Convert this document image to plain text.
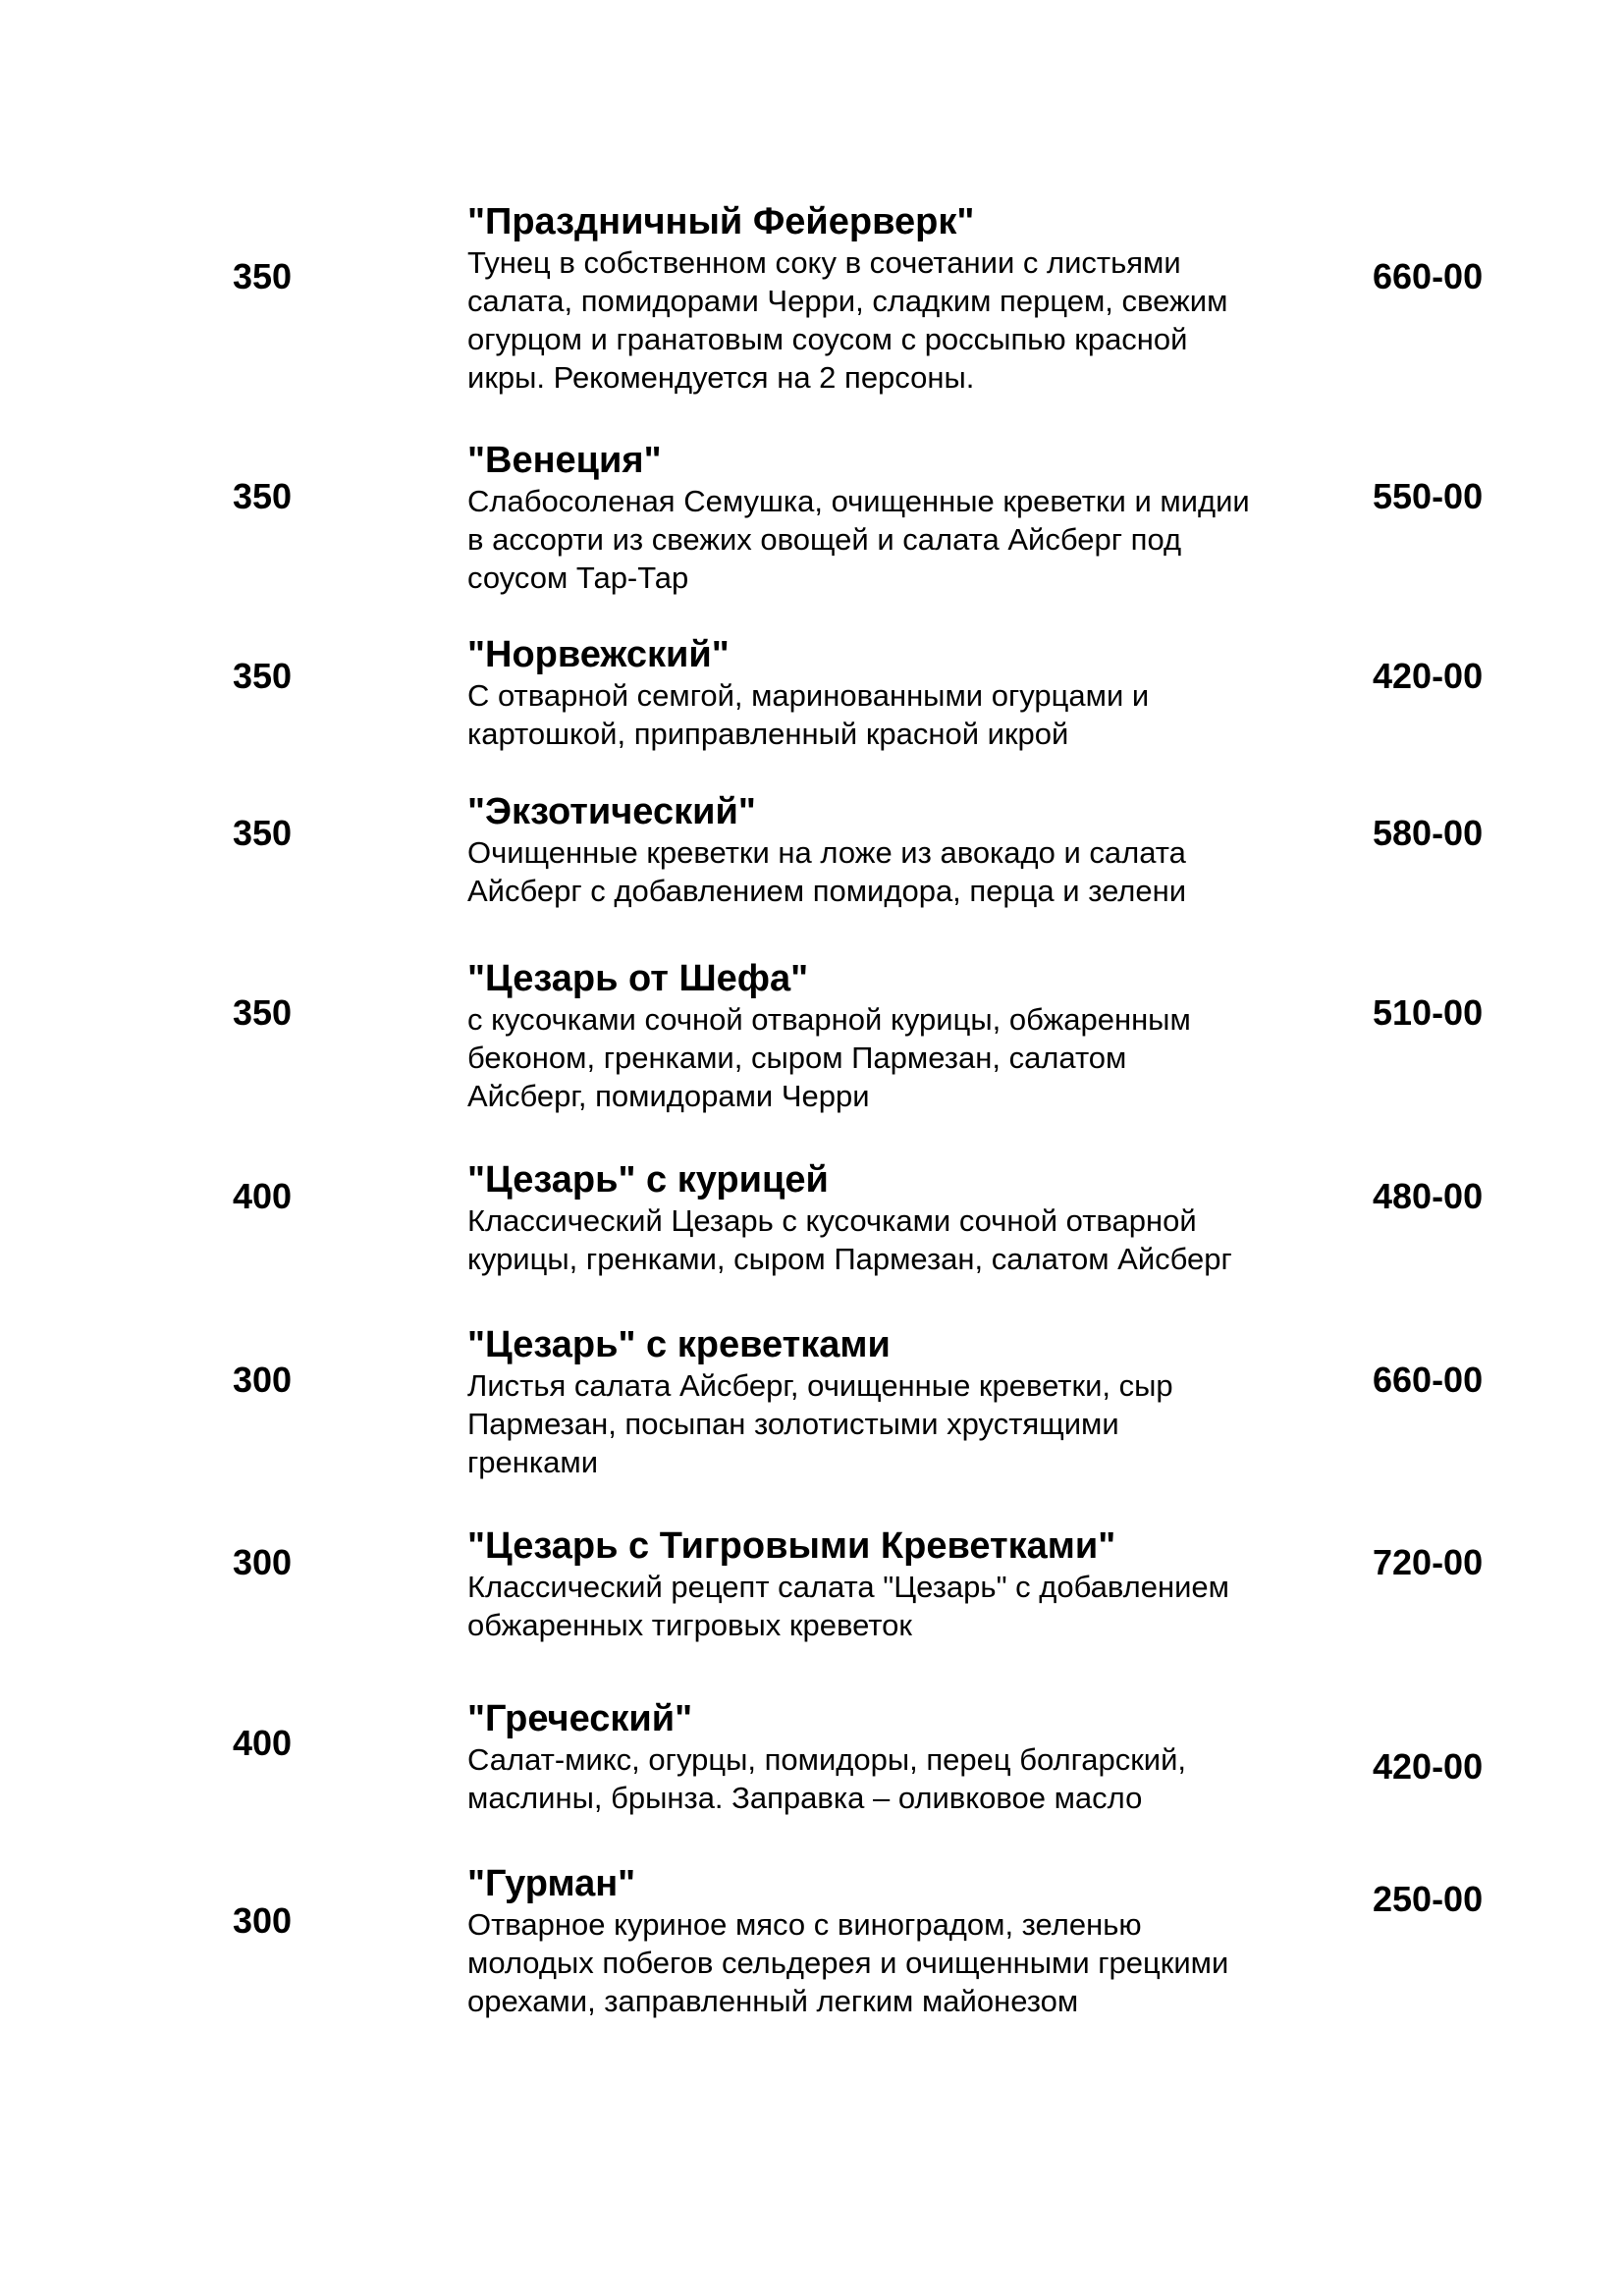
350
"Праздничный Фейерверк"
Тунец в собственном соку в сочетании с листьями
салата, помидорами Черри, сладким перцем, свежим
огурцом и гранатовым соусом с россыпью красной
икры. Рекомендуется на 2 персоны.
660-00
350
"Венеция"
Слабосоленая Семушка, очищенные креветки и мидии
в ассорти из свежих овощей и салата Айсберг под
соусом Тар-Тар
550-00
350
"Норвежский"
С отварной семгой, маринованными огурцами и
картошкой, приправленный красной икрой
420-00
350
"Экзотический"
Очищенные креветки на ложе из авокадо и салата
Айсберг с добавлением помидора, перца и зелени
580-00
350
"Цезарь от Шефа"
с кусочками сочной отварной курицы, обжаренным
беконом, гренками, сыром Пармезан, салатом
Айсберг, помидорами Черри
510-00
400	"Цезарь" с курицей
Классический Цезарь с кусочками сочной отварной
курицы, гренками, сыром Пармезан, салатом Айсберг
480-00
300
"Цезарь" с креветками
Листья салата Айсберг, очищенные креветки, сыр
Пармезан, посыпан золотистыми хрустящими
гренками
660-00
300	"Цезарь с Тигровыми Креветками"
Классический рецепт салата "Цезарь" с добавлением
обжаренных тигровых креветок
720-00
400
"Греческий"
Салат-микс, огурцы, помидоры, перец болгарский,
маслины, брынза. Заправка – оливковое масло
420-00
300
"Гурман"
Отварное куриное мясо с виноградом, зеленью
молодых побегов сельдерея и очищенными грецкими
орехами, заправленный легким майонезом
250-00
